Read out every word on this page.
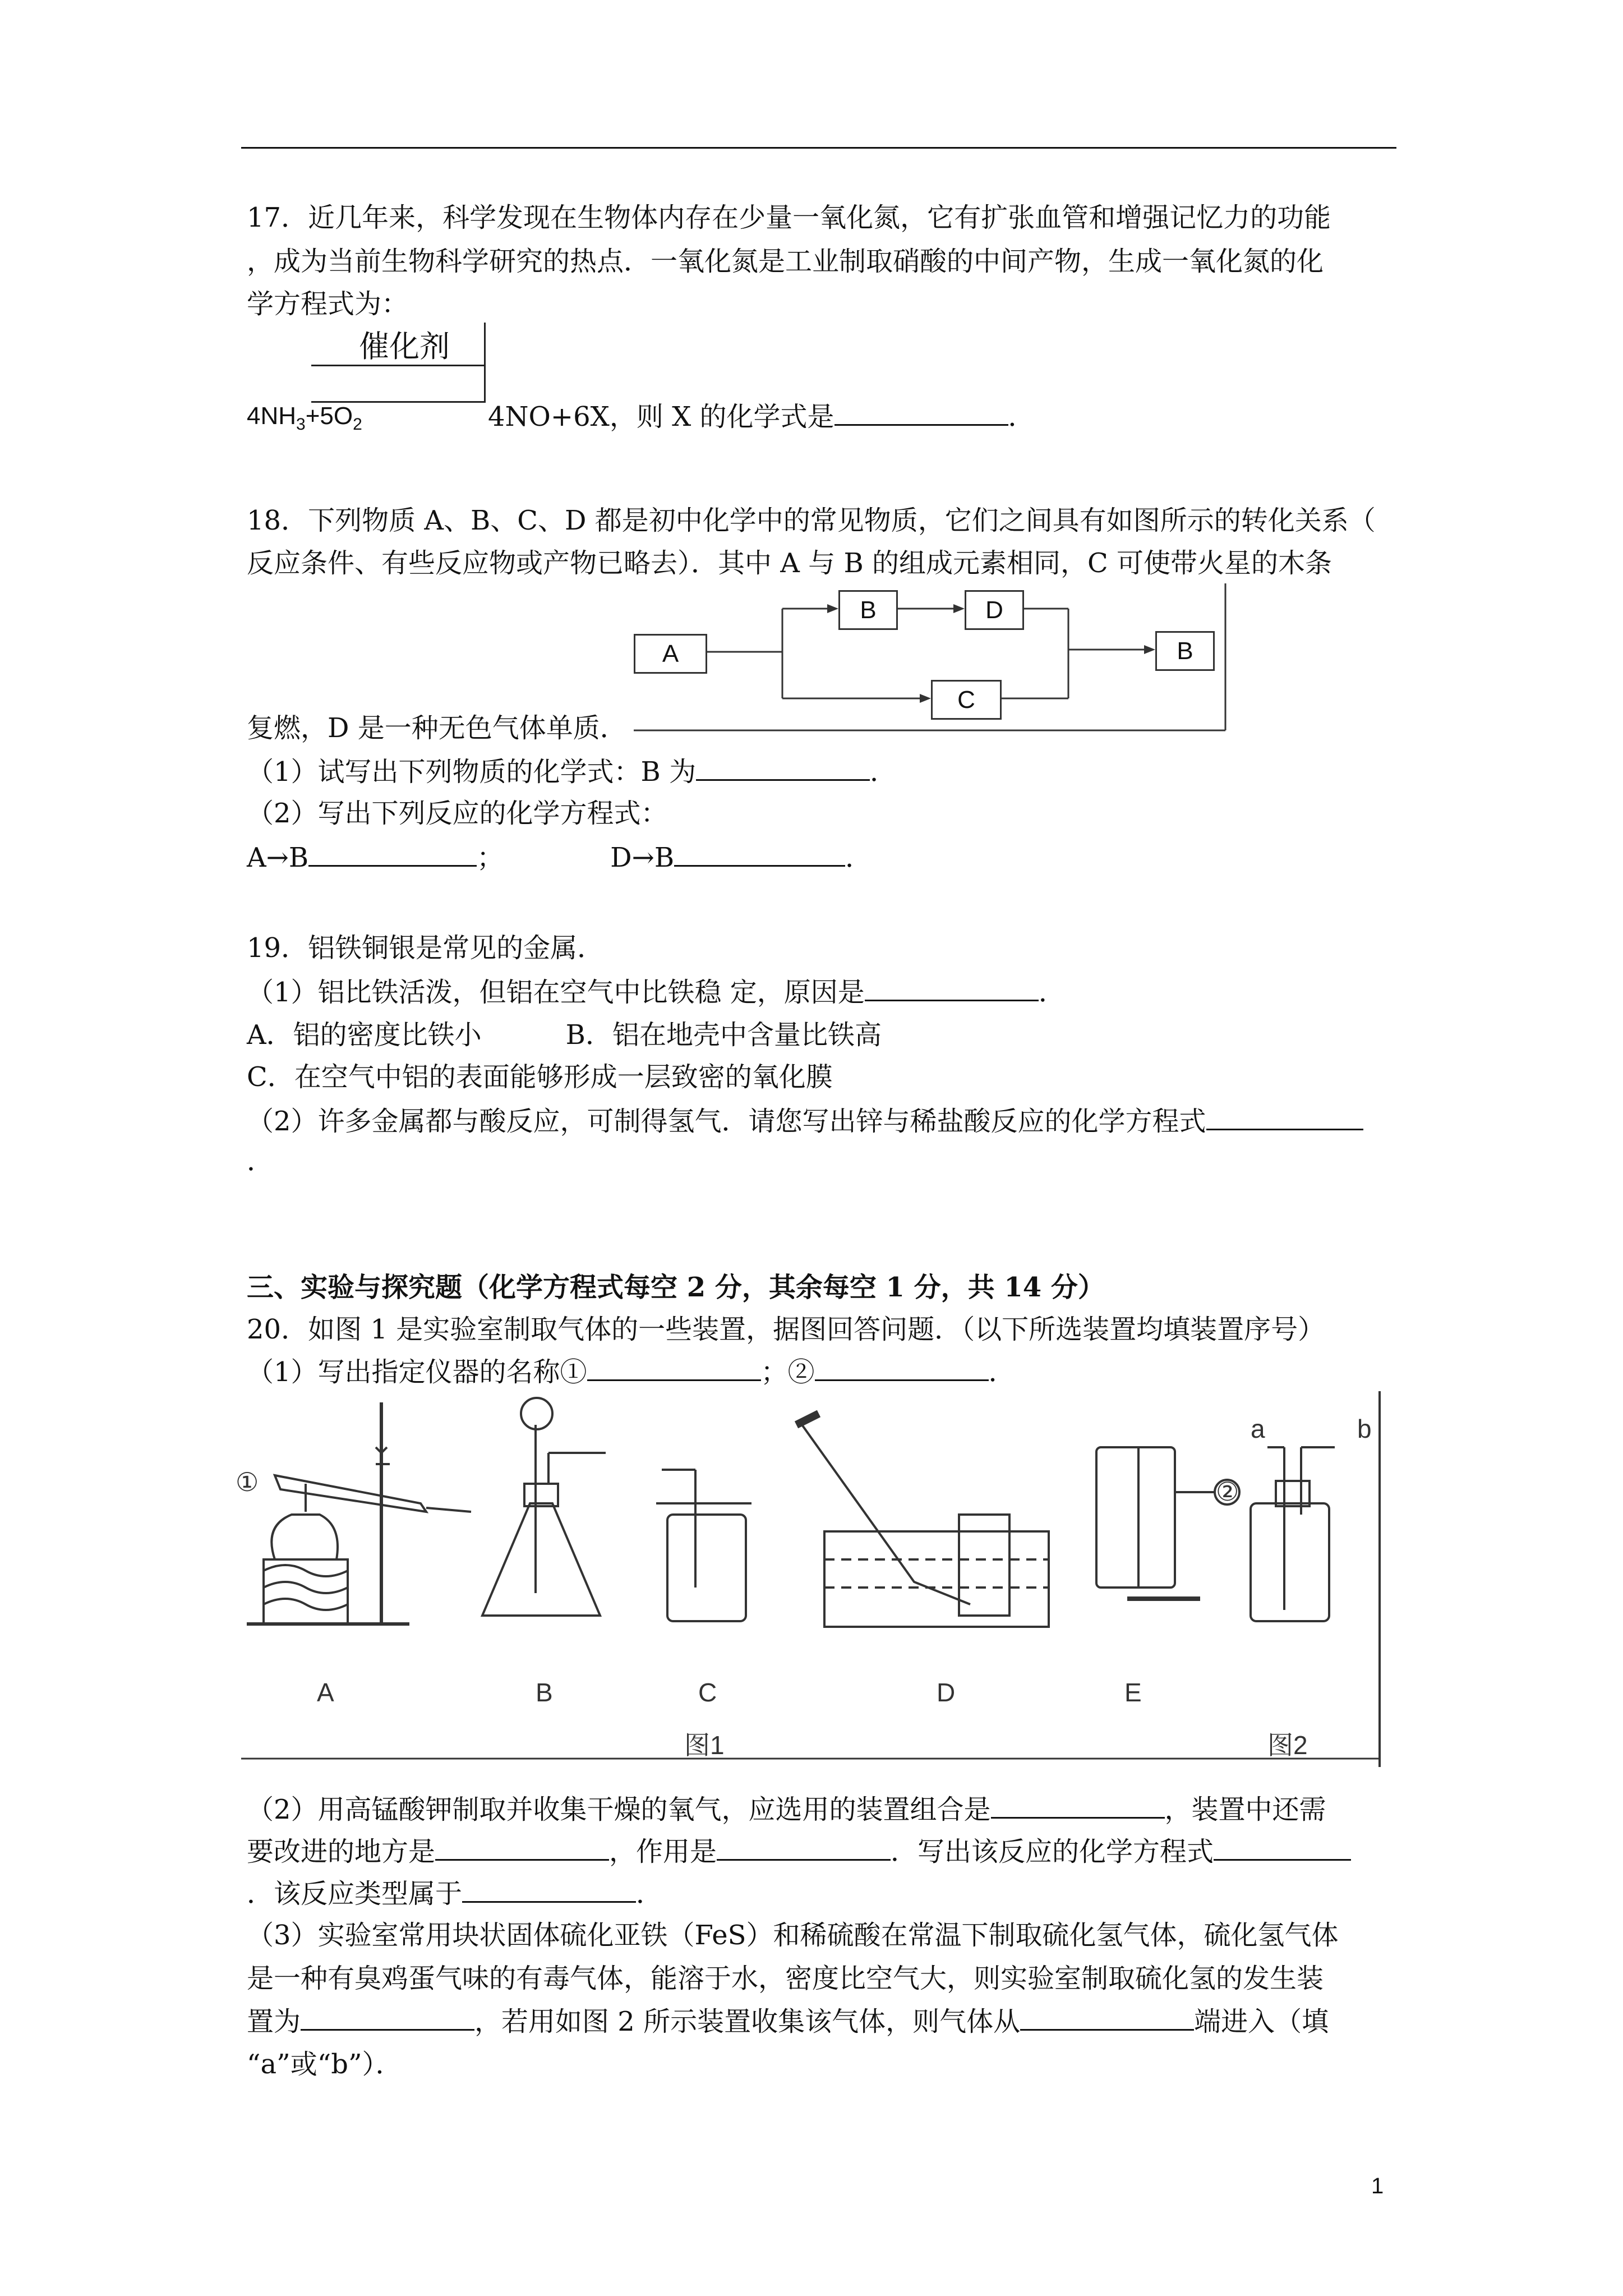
17．近几年来，科学发现在生物体内存在少量一氧化氮，它有扩张血管和增强记忆力的功能
，成为当前生物科学研究的热点．一氧化氮是工业制取硝酸的中间产物，生成一氧化氮的化
学方程式为：
催化剂
$4NH_3+5O_2$	4NO+6X，则 X 的化学式是	．
18．下列物质 A、B、C、D 都是初中化学中的常见物质，它们之间具有如图所示的转化关系（
反应条件、有些反应物或产物已略去）．其中 A 与 B 的组成元素相同，C 可使带火星的木条
A
B	D
C
B
复燃，D 是一种无色气体单质．
（1）试写出下列物质的化学式：B 为	．
（2）写出下列反应的化学方程式：
A→B	；	D→B	．
19．铝铁铜银是常见的金属．
（1）铝比铁活泼，但铝在空气中比铁稳 定，原因是	．
A．铝的密度比铁小	B．铝在地壳中含量比铁高
C．在空气中铝的表面能够形成一层致密的氧化膜
（2）许多金属都与酸反应，可制得氢气．请您写出锌与稀盐酸反应的化学方程式
．
三、实验与探究题（化学方程式每空 2 分，其余每空 1 分，共 14 分）
20．如图 1 是实验室制取气体的一些装置，据图回答问题．（以下所选装置均填装置序号）
（1）写出指定仪器的名称①	；②	．
①	②
A	B	C	D	E
a	b
图1	图2
（2）用高锰酸钾制取并收集干燥的氧气，应选用的装置组合是	，装置中还需
要改进的地方是	，作用是	．写出该反应的化学方程式
．该反应类型属于	．
（3）实验室常用块状固体硫化亚铁（FeS）和稀硫酸在常温下制取硫化氢气体，硫化氢气体
是一种有臭鸡蛋气味的有毒气体，能溶于水，密度比空气大，则实验室制取硫化氢的发生装
置为	，若用如图 2 所示装置收集该气体，则气体从	端进入（填
“a”或“b”）．
1
